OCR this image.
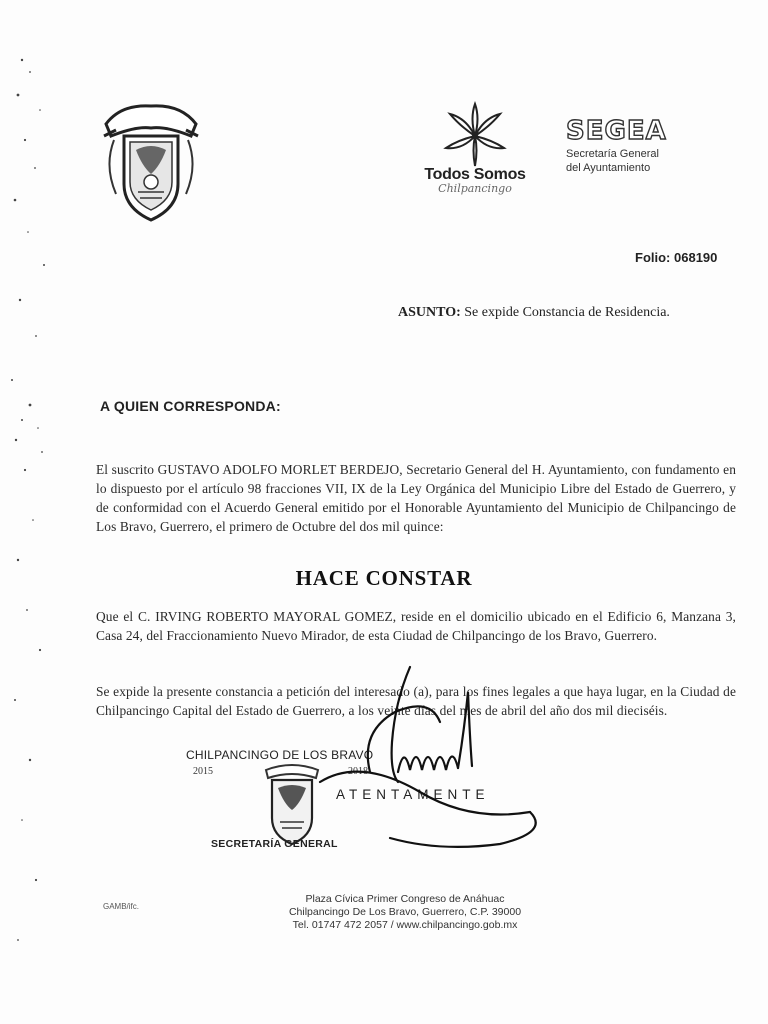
Todos Somos
Chilpancingo
SEGEA
Secretaría General
del Ayuntamiento
Folio: 068190
ASUNTO: Se expide Constancia de Residencia.
A QUIEN CORRESPONDA:
El suscrito GUSTAVO ADOLFO MORLET BERDEJO, Secretario General del H. Ayuntamiento, con fundamento en lo dispuesto por el artículo 98 fracciones VII, IX de la Ley Orgánica del Municipio Libre del Estado de Guerrero, y de conformidad con el Acuerdo General emitido por el Honorable Ayuntamiento del Municipio de Chilpancingo de Los Bravo, Guerrero, el primero de Octubre del dos mil quince:
HACE CONSTAR
Que el C. IRVING ROBERTO MAYORAL GOMEZ, reside en el domicilio ubicado en el Edificio 6, Manzana 3, Casa 24, del Fraccionamiento Nuevo Mirador, de esta Ciudad de Chilpancingo de los Bravo, Guerrero.
Se expide la presente constancia a petición del interesado (a), para los fines legales a que haya lugar, en la Ciudad de Chilpancingo Capital del Estado de Guerrero, a los veinte días del mes de abril del año dos mil dieciséis.
CHILPANCINGO DE LOS BRAVO
2015	2018
ATENTAMENTE
SECRETARÍA GENERAL
GAMB/ifc.
Plaza Cívica Primer Congreso de Anáhuac
Chilpancingo De Los Bravo, Guerrero, C.P. 39000
Tel. 01747 472 2057 / www.chilpancingo.gob.mx
